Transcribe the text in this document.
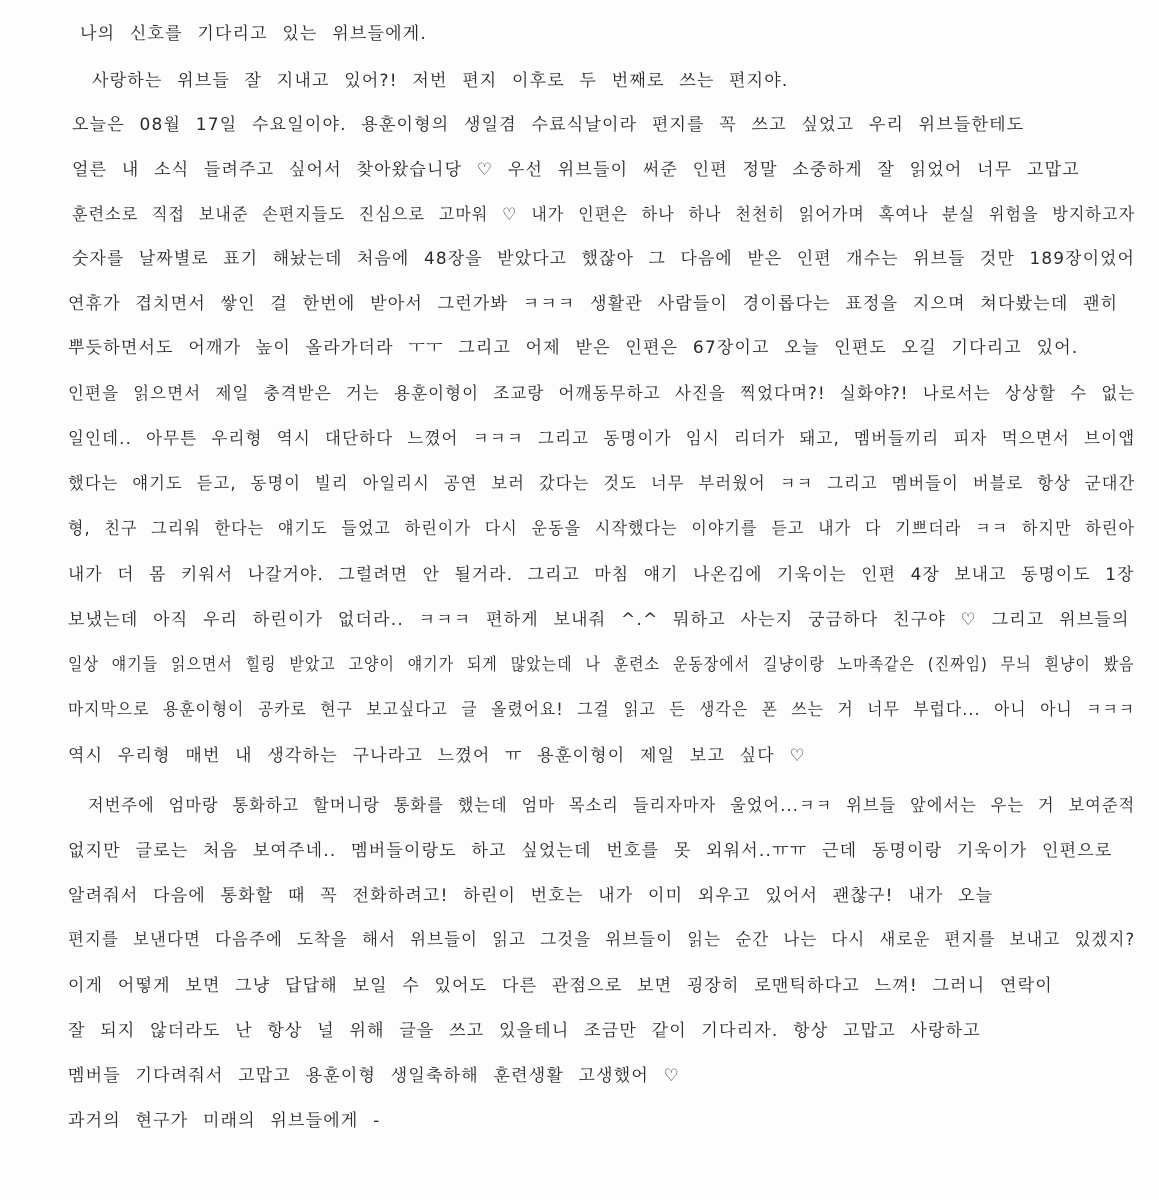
나의 신호를 기다리고 있는 위브들에게.
사랑하는 위브들 잘 지내고 있어?! 저번 편지 이후로 두 번째로 쓰는 편지야.
오늘은 08월 17일 수요일이야. 용훈이형의 생일겸 수료식날이라 편지를 꼭 쓰고 싶었고 우리 위브들한테도
얼른 내 소식 들려주고 싶어서 찾아왔습니당 ♡ 우선 위브들이 써준 인편 정말 소중하게 잘 읽었어 너무 고맙고
훈련소로 직접 보내준 손편지들도 진심으로 고마워 ♡ 내가 인편은 하나 하나 천천히 읽어가며 혹여나 분실 위험을 방지하고자
숫자를 날짜별로 표기 해놨는데 처음에 48장을 받았다고 했잖아 그 다음에 받은 인편 개수는 위브들 것만 189장이었어
연휴가 겹치면서 쌓인 걸 한번에 받아서 그런가봐 ㅋㅋㅋ 생활관 사람들이 경이롭다는 표정을 지으며 쳐다봤는데 괜히
뿌듯하면서도 어깨가 높이 올라가더라 ㅜㅜ 그리고 어제 받은 인편은 67장이고 오늘 인편도 오길 기다리고 있어.
인편을 읽으면서 제일 충격받은 거는 용훈이형이 조교랑 어깨동무하고 사진을 찍었다며?! 실화야?! 나로서는 상상할 수 없는
일인데.. 아무튼 우리형 역시 대단하다 느꼈어 ㅋㅋㅋ 그리고 동명이가 임시 리더가 돼고, 멤버들끼리 피자 먹으면서 브이앱
했다는 얘기도 듣고, 동명이 빌리 아일리시 공연 보러 갔다는 것도 너무 부러웠어 ㅋㅋ 그리고 멤버들이 버블로 항상 군대간
형, 친구 그리워 한다는 얘기도 들었고 하린이가 다시 운동을 시작했다는 이야기를 듣고 내가 다 기쁘더라 ㅋㅋ 하지만 하린아
내가 더 몸 키워서 나갈거야. 그럴려면 안 될거라. 그리고 마침 얘기 나온김에 기욱이는 인편 4장 보내고 동명이도 1장
보냈는데 아직 우리 하린이가 없더라.. ㅋㅋㅋ 편하게 보내줘 ^.^ 뭐하고 사는지 궁금하다 친구야 ♡ 그리고 위브들의
일상 얘기들 읽으면서 힐링 받았고 고양이 얘기가 되게 많았는데 나 훈련소 운동장에서 길냥이랑 노마족같은 (진짜임) 무늬 흰냥이 봤음
마지막으로 용훈이형이 공카로 현구 보고싶다고 글 올렸어요! 그걸 읽고 든 생각은 폰 쓰는 거 너무 부럽다... 아니 아니 ㅋㅋㅋ
역시 우리형 매번 내 생각하는 구나라고 느꼈어 ㅠ 용훈이형이 제일 보고 싶다 ♡
저번주에 엄마랑 통화하고 할머니랑 통화를 했는데 엄마 목소리 들리자마자 울었어...ㅋㅋ 위브들 앞에서는 우는 거 보여준적
없지만 글로는 처음 보여주네.. 멤버들이랑도 하고 싶었는데 번호를 못 외워서..ㅠㅠ 근데 동명이랑 기욱이가 인편으로
알려줘서 다음에 통화할 때 꼭 전화하려고! 하린이 번호는 내가 이미 외우고 있어서 괜찮구! 내가 오늘
편지를 보낸다면 다음주에 도착을 해서 위브들이 읽고 그것을 위브들이 읽는 순간 나는 다시 새로운 편지를 보내고 있겠지?
이게 어떻게 보면 그냥 답답해 보일 수 있어도 다른 관점으로 보면 굉장히 로맨틱하다고 느껴! 그러니 연락이
잘 되지 않더라도 난 항상 널 위해 글을 쓰고 있을테니 조금만 같이 기다리자. 항상 고맙고 사랑하고
멤버들 기다려줘서 고맙고 용훈이형 생일축하해 훈련생활 고생했어 ♡
과거의 현구가 미래의 위브들에게 -
